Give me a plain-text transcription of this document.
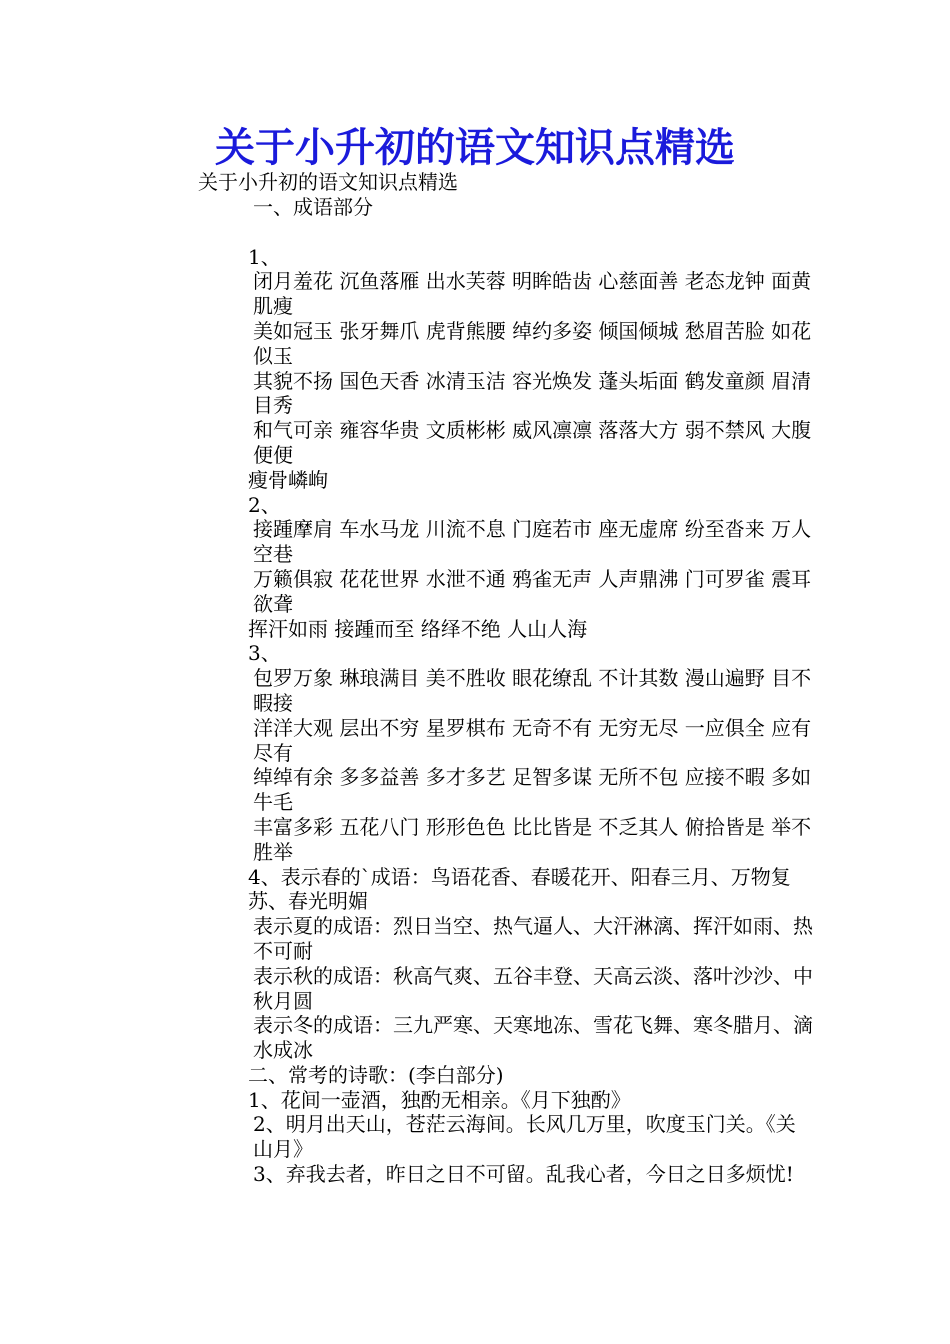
关于小升初的语文知识点精选
关于小升初的语文知识点精选
一、成语部分
1、
闭月羞花 沉鱼落雁 出水芙蓉 明眸皓齿 心慈面善 老态龙钟 面黄肌瘦
美如冠玉 张牙舞爪 虎背熊腰 绰约多姿 倾国倾城 愁眉苦脸 如花似玉
其貌不扬 国色天香 冰清玉洁 容光焕发 蓬头垢面 鹤发童颜 眉清目秀
和气可亲 雍容华贵 文质彬彬 威风凛凛 落落大方 弱不禁风 大腹便便
瘦骨嶙峋
2、
接踵摩肩 车水马龙 川流不息 门庭若市 座无虚席 纷至沓来 万人空巷
万籁俱寂 花花世界 水泄不通 鸦雀无声 人声鼎沸 门可罗雀 震耳欲聋
挥汗如雨 接踵而至 络绎不绝 人山人海
3、
包罗万象 琳琅满目 美不胜收 眼花缭乱 不计其数 漫山遍野 目不暇接
洋洋大观 层出不穷 星罗棋布 无奇不有 无穷无尽 一应俱全 应有尽有
绰绰有余 多多益善 多才多艺 足智多谋 无所不包 应接不暇 多如牛毛
丰富多彩 五花八门 形形色色 比比皆是 不乏其人 俯拾皆是 举不胜举
4、表示春的`成语：鸟语花香、春暖花开、阳春三月、万物复苏、春光明媚
表示夏的成语：烈日当空、热气逼人、大汗淋漓、挥汗如雨、热不可耐
表示秋的成语：秋高气爽、五谷丰登、天高云淡、落叶沙沙、中秋月圆
表示冬的成语：三九严寒、天寒地冻、雪花飞舞、寒冬腊月、滴水成冰
二、常考的诗歌：(李白部分)
1、花间一壶酒，独酌无相亲。《月下独酌》
2、明月出天山，苍茫云海间。长风几万里，吹度玉门关。《关山月》
3、弃我去者，昨日之日不可留。乱我心者，今日之日多烦忧!
